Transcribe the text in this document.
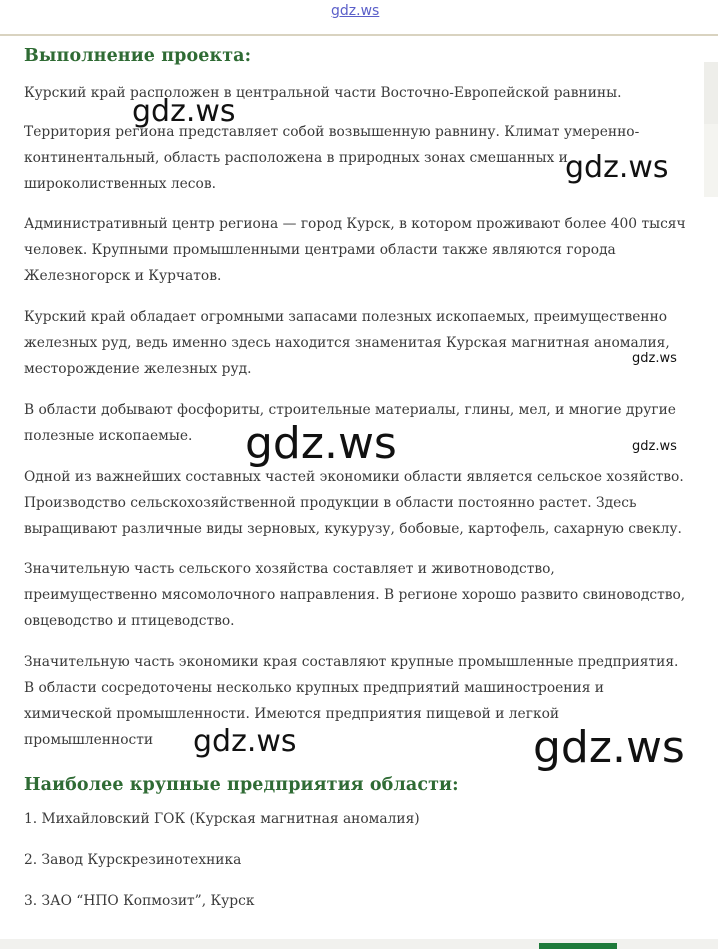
gdz.ws
Выполнение проекта:
Курский край расположен в центральной части Восточно-Европейской равнины.
Территория региона представляет собой возвышенную равнину. Климат умеренно-
континентальный, область расположена в природных зонах смешанных и
широколиственных лесов.
Административный центр региона — город Курск, в котором проживают более 400 тысяч
человек. Крупными промышленными центрами области также являются города
Железногорск и Курчатов.
Курский край обладает огромными запасами полезных ископаемых, преимущественно
железных руд, ведь именно здесь находится знаменитая Курская магнитная аномалия,
месторождение железных руд.
В области добывают фосфориты, строительные материалы, глины, мел, и многие другие
полезные ископаемые.
Одной из важнейших составных частей экономики области является сельское хозяйство.
Производство сельскохозяйственной продукции в области постоянно растет. Здесь
выращивают различные виды зерновых, кукурузу, бобовые, картофель, сахарную свеклу.
Значительную часть сельского хозяйства составляет и животноводство,
преимущественно мясомолочного направления. В регионе хорошо развито свиноводство,
овцеводство и птицеводство.
Значительную часть экономики края составляют крупные промышленные предприятия.
В области сосредоточены несколько крупных предприятий машиностроения и
химической промышленности. Имеются предприятия пищевой и легкой
промышленности
Наиболее крупные предприятия области:
1. Михайловский ГОК (Курская магнитная аномалия)
2. Завод Курскрезинотехника
3. ЗАО “НПО Копмозит”, Курск
gdz.ws
gdz.ws
gdz.ws
gdz.ws	gdz.ws
gdz.ws	gdz.ws
